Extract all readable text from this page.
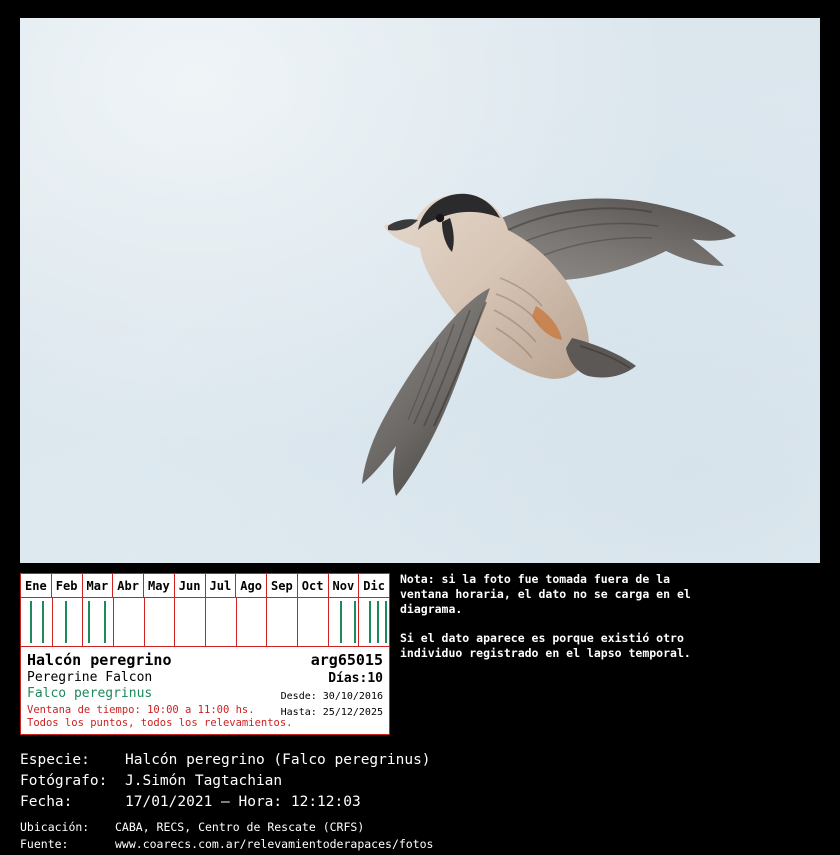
Ene Feb Mar Abr May Jun Jul Ago Sep Oct Nov Dic
Halcón peregrino
Peregrine Falcon
Falco peregrinus
Ventana de tiempo: 10:00 a 11:00 hs.
Todos los puntos, todos los relevamientos.
arg65015
Días:10
Desde: 30/10/2016
Hasta: 25/12/2025

Nota: si la foto fue tomada fuera de la ventana horaria, el dato no se carga en el diagrama.

Si el dato aparece es porque existió otro individuo registrado en el lapso temporal.

Especie:	Halcón peregrino (Falco peregrinus)
Fotógrafo:	J.Simón Tagtachian
Fecha:	17/01/2021 — Hora: 12:12:03
Ubicación:	CABA, RECS, Centro de Rescate (CRFS)
Fuente:	www.coarecs.com.ar/relevamientoderapaces/fotos
